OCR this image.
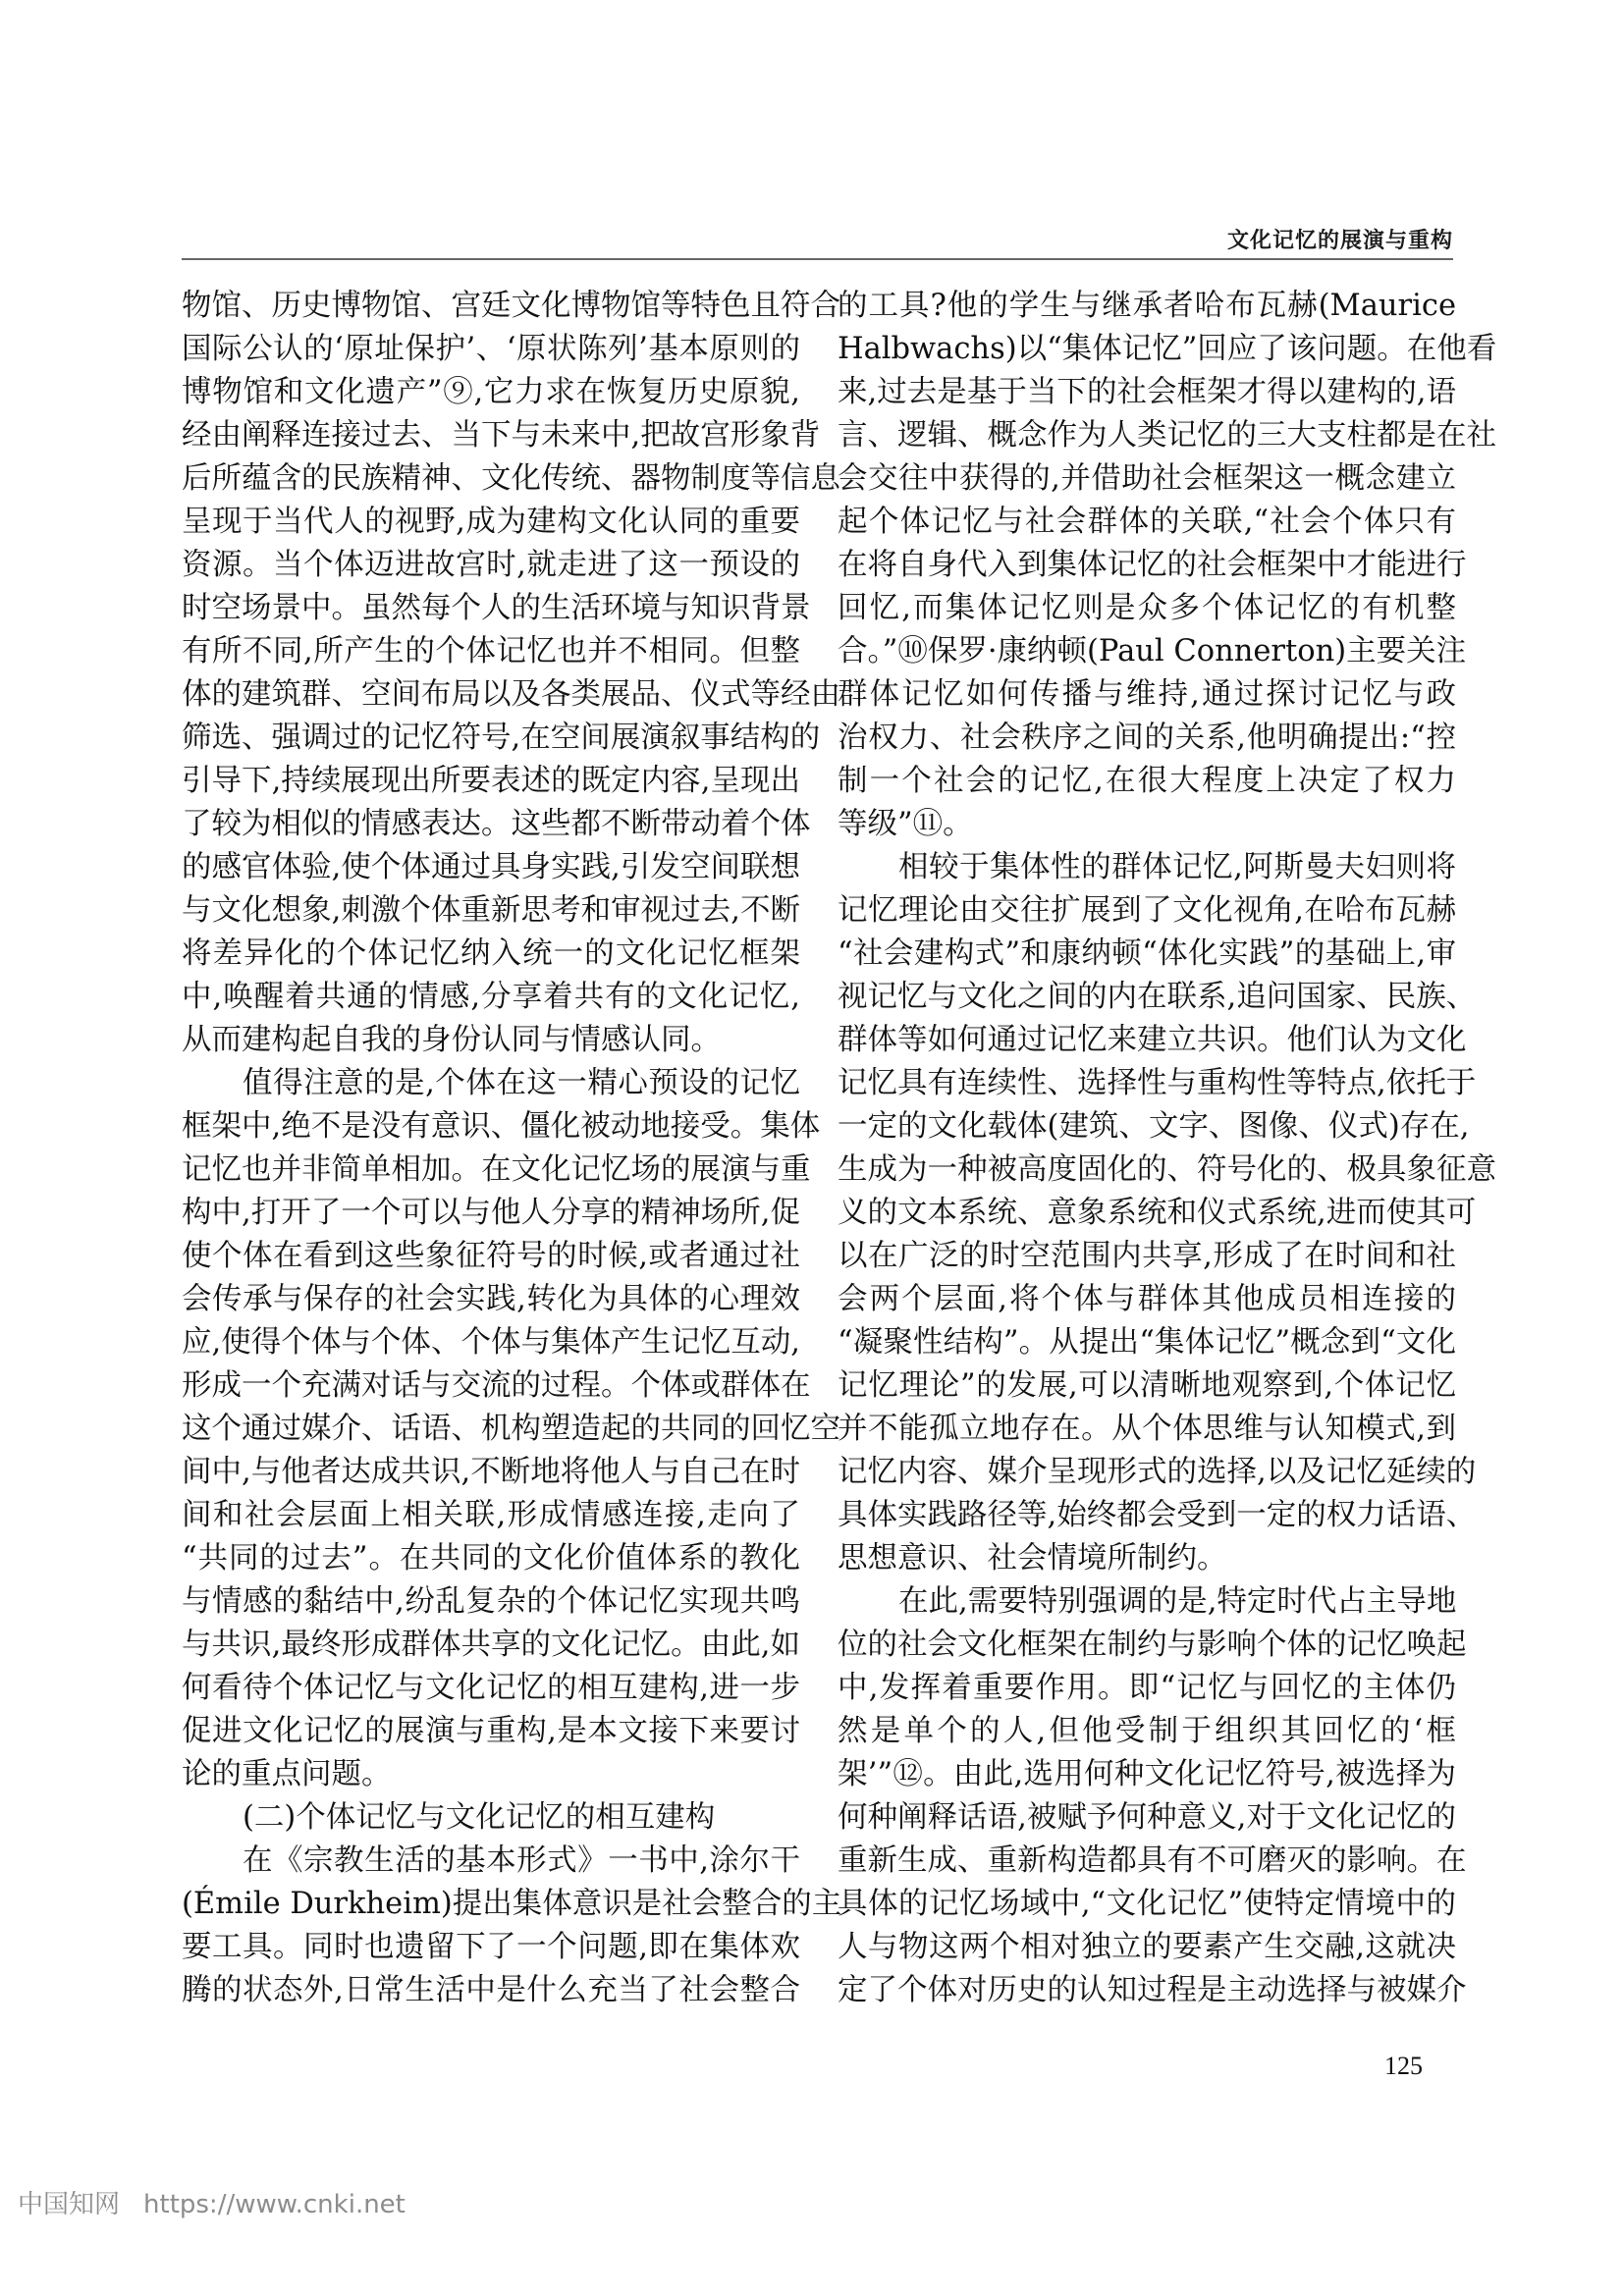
文化记忆的展演与重构
物馆、历史博物馆、宫廷文化博物馆等特色且符合
国际公认的‘原址保护’、‘原状陈列’基本原则的
博物馆和文化遗产”⑨,它力求在恢复历史原貌,
经由阐释连接过去、当下与未来中,把故宫形象背
后所蕴含的民族精神、文化传统、器物制度等信息
呈现于当代人的视野,成为建构文化认同的重要
资源。当个体迈进故宫时,就走进了这一预设的
时空场景中。虽然每个人的生活环境与知识背景
有所不同,所产生的个体记忆也并不相同。但整
体的建筑群、空间布局以及各类展品、仪式等经由
筛选、强调过的记忆符号,在空间展演叙事结构的
引导下,持续展现出所要表述的既定内容,呈现出
了较为相似的情感表达。这些都不断带动着个体
的感官体验,使个体通过具身实践,引发空间联想
与文化想象,刺激个体重新思考和审视过去,不断
将差异化的个体记忆纳入统一的文化记忆框架
中,唤醒着共通的情感,分享着共有的文化记忆,
从而建构起自我的身份认同与情感认同。
值得注意的是,个体在这一精心预设的记忆
框架中,绝不是没有意识、僵化被动地接受。集体
记忆也并非简单相加。在文化记忆场的展演与重
构中,打开了一个可以与他人分享的精神场所,促
使个体在看到这些象征符号的时候,或者通过社
会传承与保存的社会实践,转化为具体的心理效
应,使得个体与个体、个体与集体产生记忆互动,
形成一个充满对话与交流的过程。个体或群体在
这个通过媒介、话语、机构塑造起的共同的回忆空
间中,与他者达成共识,不断地将他人与自己在时
间和社会层面上相关联,形成情感连接,走向了
“共同的过去”。在共同的文化价值体系的教化
与情感的黏结中,纷乱复杂的个体记忆实现共鸣
与共识,最终形成群体共享的文化记忆。由此,如
何看待个体记忆与文化记忆的相互建构,进一步
促进文化记忆的展演与重构,是本文接下来要讨
论的重点问题。
(二)个体记忆与文化记忆的相互建构
在《宗教生活的基本形式》一书中,涂尔干
(Émile Durkheim)提出集体意识是社会整合的主
要工具。同时也遗留下了一个问题,即在集体欢
腾的状态外,日常生活中是什么充当了社会整合
的工具?他的学生与继承者哈布瓦赫(Maurice
Halbwachs)以“集体记忆”回应了该问题。在他看
来,过去是基于当下的社会框架才得以建构的,语
言、逻辑、概念作为人类记忆的三大支柱都是在社
会交往中获得的,并借助社会框架这一概念建立
起个体记忆与社会群体的关联,“社会个体只有
在将自身代入到集体记忆的社会框架中才能进行
回忆,而集体记忆则是众多个体记忆的有机整
合。”⑩保罗·康纳顿(Paul Connerton)主要关注
群体记忆如何传播与维持,通过探讨记忆与政
治权力、社会秩序之间的关系,他明确提出:“控
制一个社会的记忆,在很大程度上决定了权力
等级”⑪。
相较于集体性的群体记忆,阿斯曼夫妇则将
记忆理论由交往扩展到了文化视角,在哈布瓦赫
“社会建构式”和康纳顿“体化实践”的基础上,审
视记忆与文化之间的内在联系,追问国家、民族、
群体等如何通过记忆来建立共识。他们认为文化
记忆具有连续性、选择性与重构性等特点,依托于
一定的文化载体(建筑、文字、图像、仪式)存在,
生成为一种被高度固化的、符号化的、极具象征意
义的文本系统、意象系统和仪式系统,进而使其可
以在广泛的时空范围内共享,形成了在时间和社
会两个层面,将个体与群体其他成员相连接的
“凝聚性结构”。从提出“集体记忆”概念到“文化
记忆理论”的发展,可以清晰地观察到,个体记忆
并不能孤立地存在。从个体思维与认知模式,到
记忆内容、媒介呈现形式的选择,以及记忆延续的
具体实践路径等,始终都会受到一定的权力话语、
思想意识、社会情境所制约。
在此,需要特别强调的是,特定时代占主导地
位的社会文化框架在制约与影响个体的记忆唤起
中,发挥着重要作用。即“记忆与回忆的主体仍
然是单个的人,但他受制于组织其回忆的‘框
架’”⑫。由此,选用何种文化记忆符号,被选择为
何种阐释话语,被赋予何种意义,对于文化记忆的
重新生成、重新构造都具有不可磨灭的影响。在
具体的记忆场域中,“文化记忆”使特定情境中的
人与物这两个相对独立的要素产生交融,这就决
定了个体对历史的认知过程是主动选择与被媒介
125
中国知网 https://www.cnki.net
